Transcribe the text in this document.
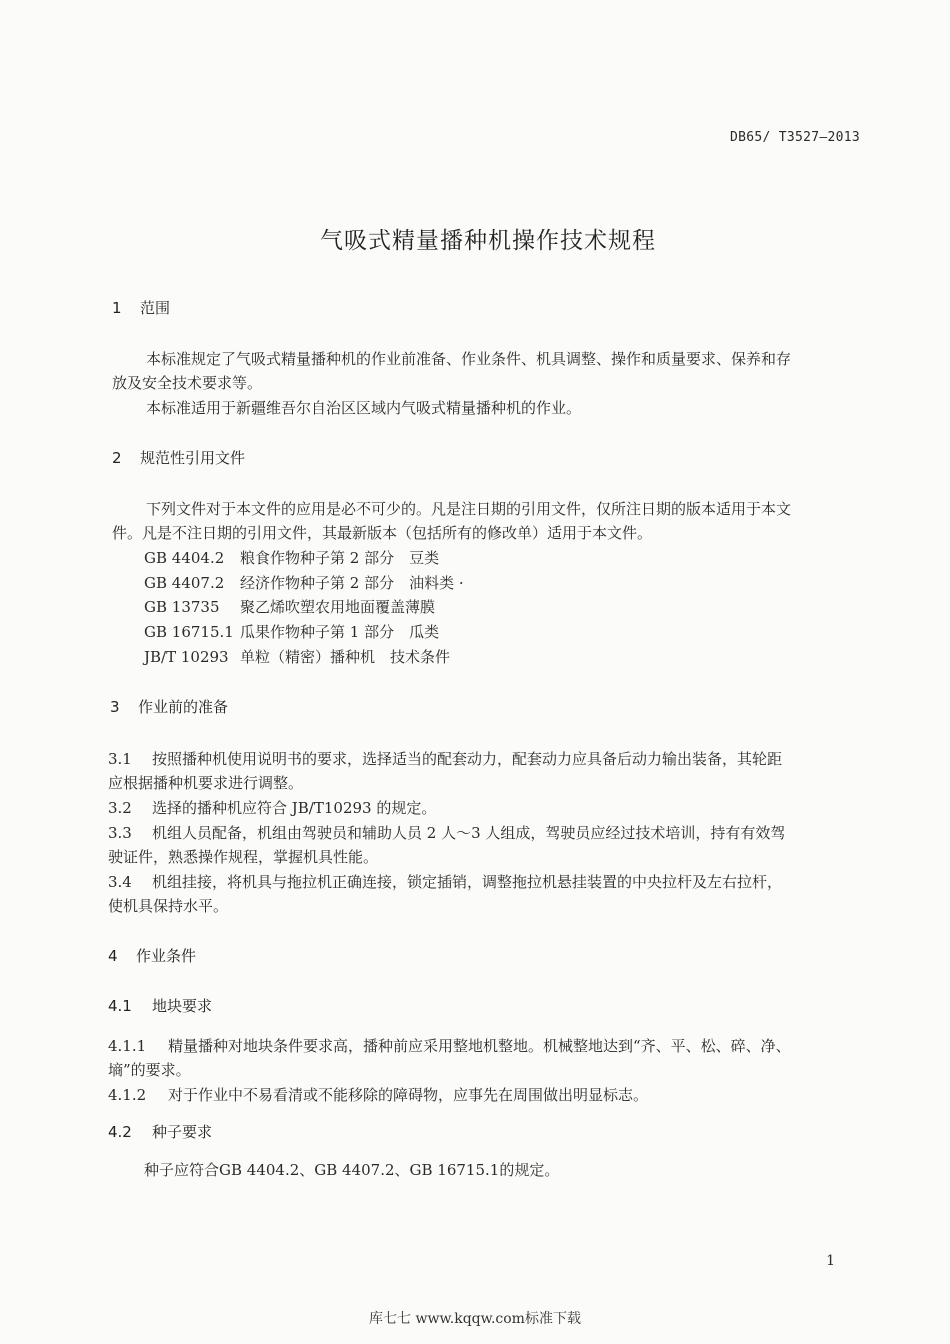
DB65/ T3527—2013
气吸式精量播种机操作技术规程
1 范围
本标准规定了气吸式精量播种机的作业前准备、作业条件、机具调整、操作和质量要求、保养和存
放及安全技术要求等。
本标准适用于新疆维吾尔自治区区域内气吸式精量播种机的作业。
2 规范性引用文件
下列文件对于本文件的应用是必不可少的。凡是注日期的引用文件，仅所注日期的版本适用于本文
件。凡是不注日期的引用文件，其最新版本（包括所有的修改单）适用于本文件。
GB 4404.2 粮食作物种子第 2 部分　豆类
GB 4407.2 经济作物种子第 2 部分　油料类 ·
GB 13735 聚乙烯吹塑农用地面覆盖薄膜
GB 16715.1 瓜果作物种子第 1 部分　瓜类
JB/T 10293 单粒（精密）播种机　技术条件
3 作业前的准备
3.1 按照播种机使用说明书的要求，选择适当的配套动力，配套动力应具备后动力输出装备，其轮距
应根据播种机要求进行调整。
3.2 选择的播种机应符合 JB/T10293 的规定。
3.3 机组人员配备，机组由驾驶员和辅助人员 2 人～3 人组成，驾驶员应经过技术培训，持有有效驾
驶证件，熟悉操作规程，掌握机具性能。
3.4 机组挂接，将机具与拖拉机正确连接，锁定插销，调整拖拉机悬挂装置的中央拉杆及左右拉杆，
使机具保持水平。
4 作业条件
4.1 地块要求
4.1.1 精量播种对地块条件要求高，播种前应采用整地机整地。机械整地达到“齐、平、松、碎、净、
墒”的要求。
4.1.2 对于作业中不易看清或不能移除的障碍物，应事先在周围做出明显标志。
4.2 种子要求
种子应符合GB 4404.2、GB 4407.2、GB 16715.1的规定。
1
库七七 www.kqqw.com标准下载
